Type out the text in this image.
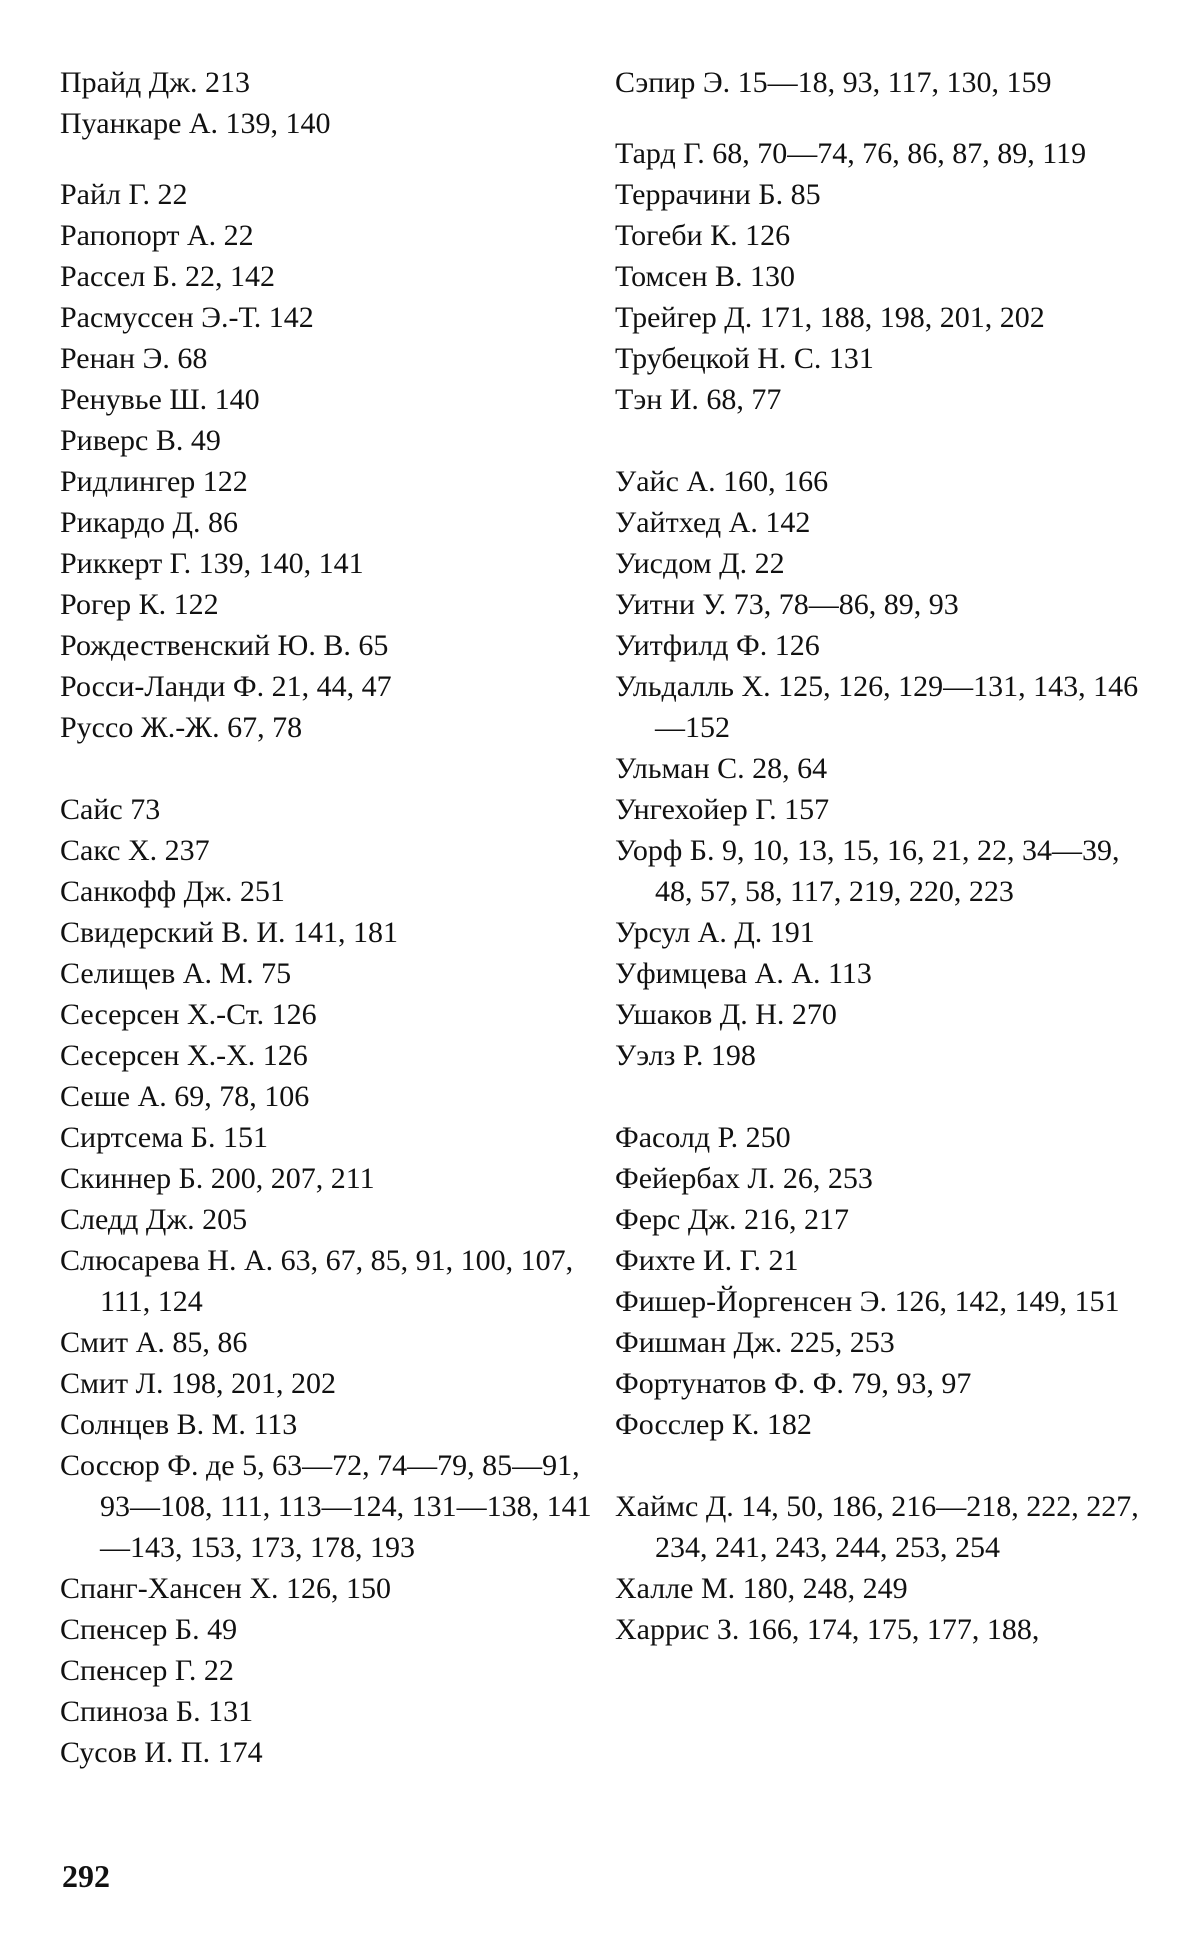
Прайд Дж. 213
Пуанкаре А. 139, 140
Райл Г. 22
Рапопорт А. 22
Рассел Б. 22, 142
Расмуссен Э.-Т. 142
Ренан Э. 68
Ренувье Ш. 140
Риверс В. 49
Ридлингер 122
Рикардо Д. 86
Риккерт Г. 139, 140, 141
Рогер К. 122
Рождественский Ю. В. 65
Росси-Ланди Ф. 21, 44, 47
Руссо Ж.-Ж. 67, 78
Сайс 73
Сакс Х. 237
Санкофф Дж. 251
Свидерский В. И. 141, 181
Селищев А. М. 75
Сесерсен Х.-Ст. 126
Сесерсен Х.-Х. 126
Сеше А. 69, 78, 106
Сиртсема Б. 151
Скиннер Б. 200, 207, 211
Следд Дж. 205
Слюсарева Н. А. 63, 67, 85, 91, 100, 107, 111, 124
Смит А. 85, 86
Смит Л. 198, 201, 202
Солнцев В. М. 113
Соссюр Ф. де 5, 63—72, 74—79, 85—91, 93—108, 111, 113—124, 131—138, 141—143, 153, 173, 178, 193
Спанг-Хансен Х. 126, 150
Спенсер Б. 49
Спенсер Г. 22
Спиноза Б. 131
Сусов И. П. 174
Сэпир Э. 15—18, 93, 117, 130, 159
Тард Г. 68, 70—74, 76, 86, 87, 89, 119
Террачини Б. 85
Тогеби К. 126
Томсен В. 130
Трейгер Д. 171, 188, 198, 201, 202
Трубецкой Н. С. 131
Тэн И. 68, 77
Уайс А. 160, 166
Уайтхед А. 142
Уисдом Д. 22
Уитни У. 73, 78—86, 89, 93
Уитфилд Ф. 126
Ульдалль Х. 125, 126, 129—131, 143, 146—152
Ульман С. 28, 64
Унгехойер Г. 157
Уорф Б. 9, 10, 13, 15, 16, 21, 22, 34—39, 48, 57, 58, 117, 219, 220, 223
Урсул А. Д. 191
Уфимцева А. А. 113
Ушаков Д. Н. 270
Уэлз Р. 198
Фасолд Р. 250
Фейербах Л. 26, 253
Ферс Дж. 216, 217
Фихте И. Г. 21
Фишер-Йоргенсен Э. 126, 142, 149, 151
Фишман Дж. 225, 253
Фортунатов Ф. Ф. 79, 93, 97
Фосслер К. 182
Хаймс Д. 14, 50, 186, 216—218, 222, 227, 234, 241, 243, 244, 253, 254
Халле М. 180, 248, 249
Харрис З. 166, 174, 175, 177, 188,
292
